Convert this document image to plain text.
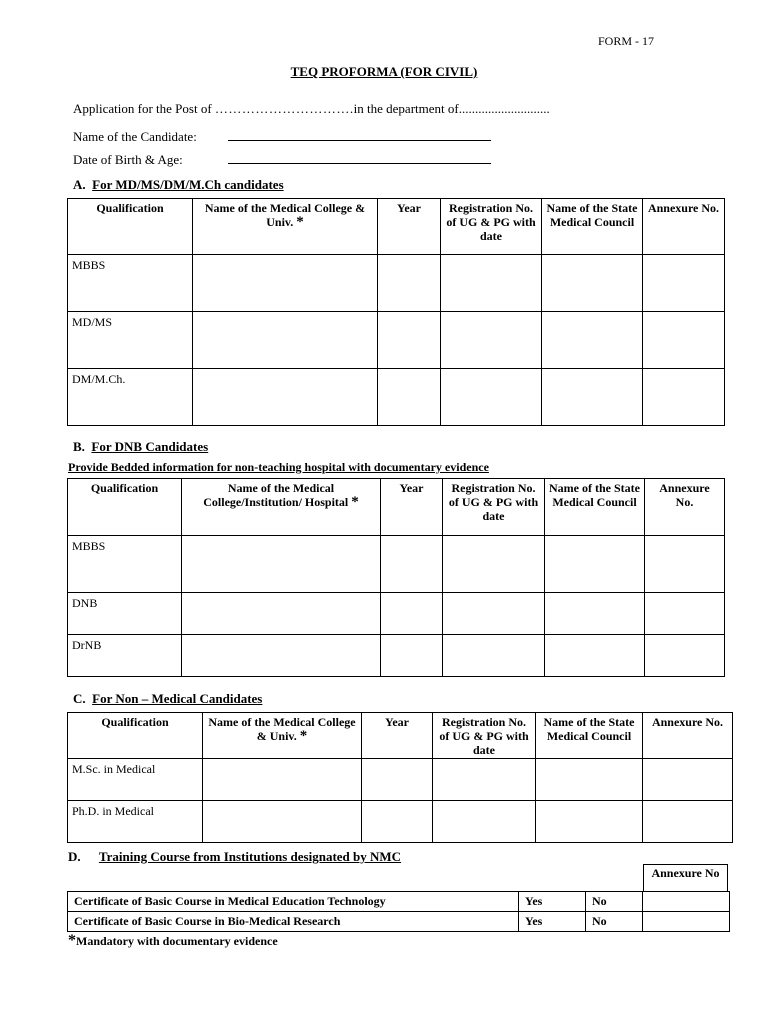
FORM - 17
TEQ PROFORMA (FOR CIVIL)
Application for the Post of ………………………….in the department of............................
Name of the Candidate:
Date of Birth & Age:
A. For MD/MS/DM/M.Ch candidates
Qualification	Name of the Medical College & Univ. *	Year	Registration No. of UG & PG with date	Name of the State Medical Council	Annexure No.
MBBS					
MD/MS					
DM/M.Ch.					
B. For DNB Candidates
Provide Bedded information for non-teaching hospital with documentary evidence
Qualification	Name of the Medical College/Institution/ Hospital *	Year	Registration No. of UG & PG with date	Name of the State Medical Council	Annexure No.
MBBS					
DNB					
DrNB					
C. For Non – Medical Candidates
Qualification	Name of the Medical College & Univ. *	Year	Registration No. of UG & PG with date	Name of the State Medical Council	Annexure No.
M.Sc. in Medical					
Ph.D. in Medical					
D. Training Course from Institutions designated by NMC
Annexure No
Certificate of Basic Course in Medical Education Technology	Yes	No	
Certificate of Basic Course in Bio-Medical Research	Yes	No	
*Mandatory with documentary evidence
